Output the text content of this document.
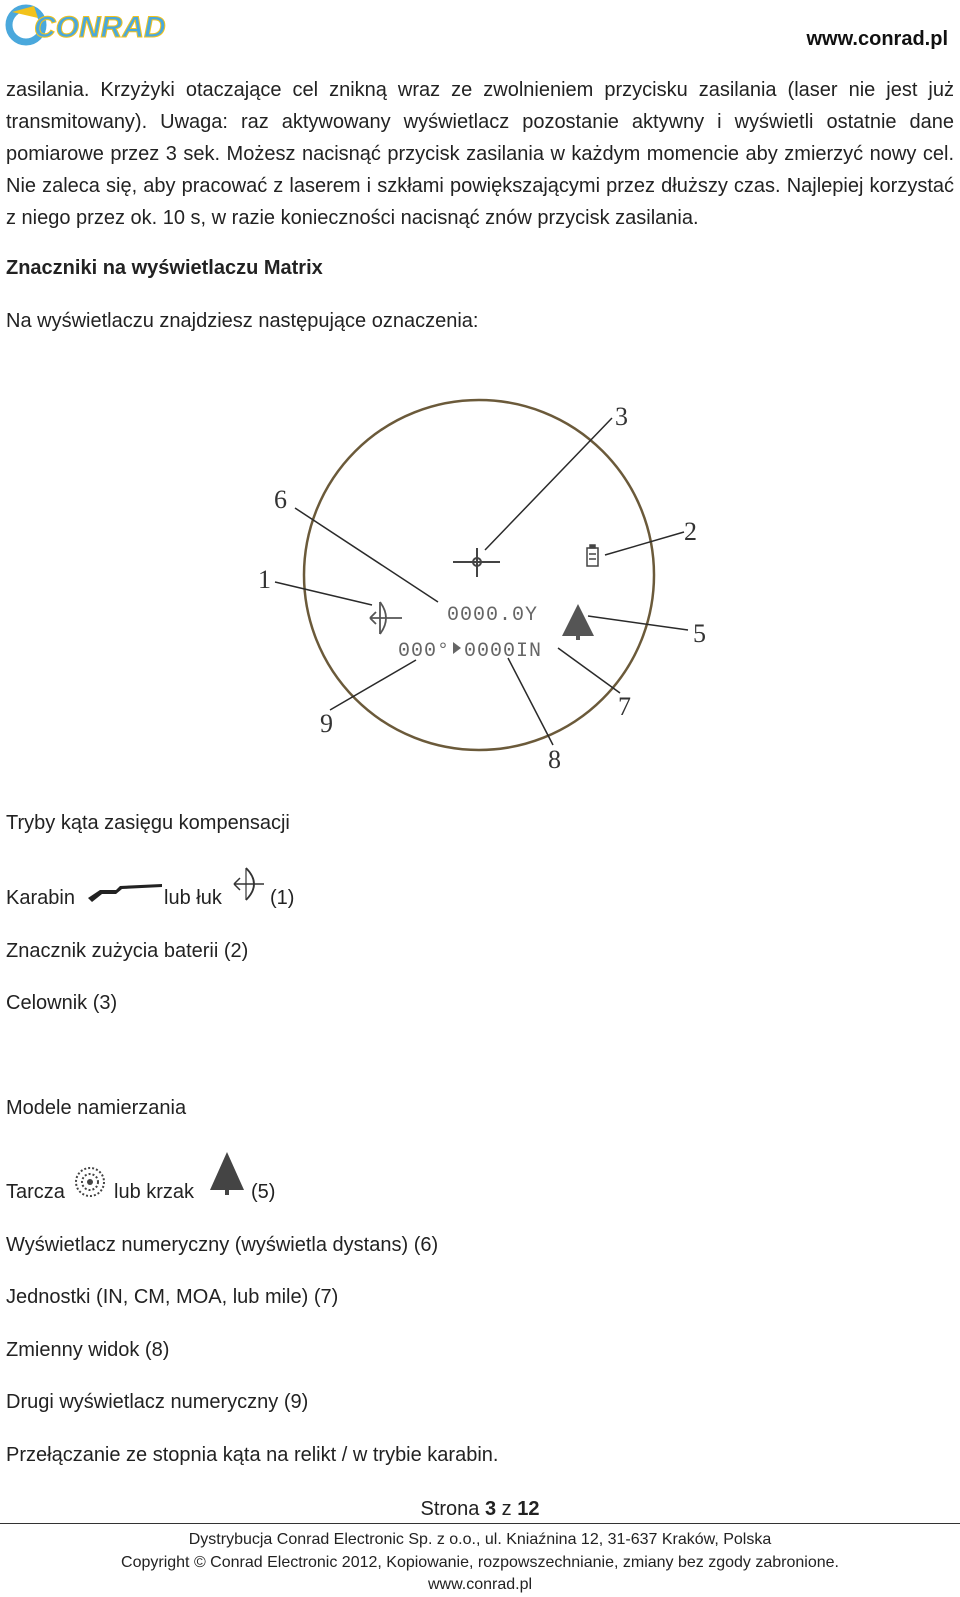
CONRAD	www.conrad.pl
zasilania. Krzyżyki otaczające cel znikną wraz ze zwolnieniem przycisku zasilania (laser nie jest już transmitowany). Uwaga: raz aktywowany wyświetlacz pozostanie aktywny i wyświetli ostatnie dane pomiarowe przez 3 sek. Możesz nacisnąć przycisk zasilania w każdym momencie aby zmierzyć nowy cel. Nie zaleca się, aby pracować z laserem i szkłami powiększającymi przez dłuższy czas. Najlepiej korzystać z niego przez ok. 10 s, w razie konieczności nacisnąć znów przycisk zasilania.
Znaczniki na wyświetlaczu Matrix
Na wyświetlaczu znajdziesz następujące oznaczenia:
0000.0Y
000° 0000IN
1
2
3
5
6
7
8
9
Tryby kąta zasięgu kompensacji
Karabin	lub łuk (1)
Znacznik zużycia baterii (2)
Celownik (3)
Modele namierzania
Tarcza lub krzak	(5)
Wyświetlacz numeryczny (wyświetla dystans) (6)
Jednostki (IN, CM, MOA, lub mile) (7)
Zmienny widok (8)
Drugi wyświetlacz numeryczny (9)
Przełączanie ze stopnia kąta na relikt / w trybie karabin.
Strona 3 z 12
Dystrybucja Conrad Electronic Sp. z o.o., ul. Kniaźnina 12, 31-637 Kraków, Polska
Copyright © Conrad Electronic 2012, Kopiowanie, rozpowszechnianie, zmiany bez zgody zabronione.
www.conrad.pl
